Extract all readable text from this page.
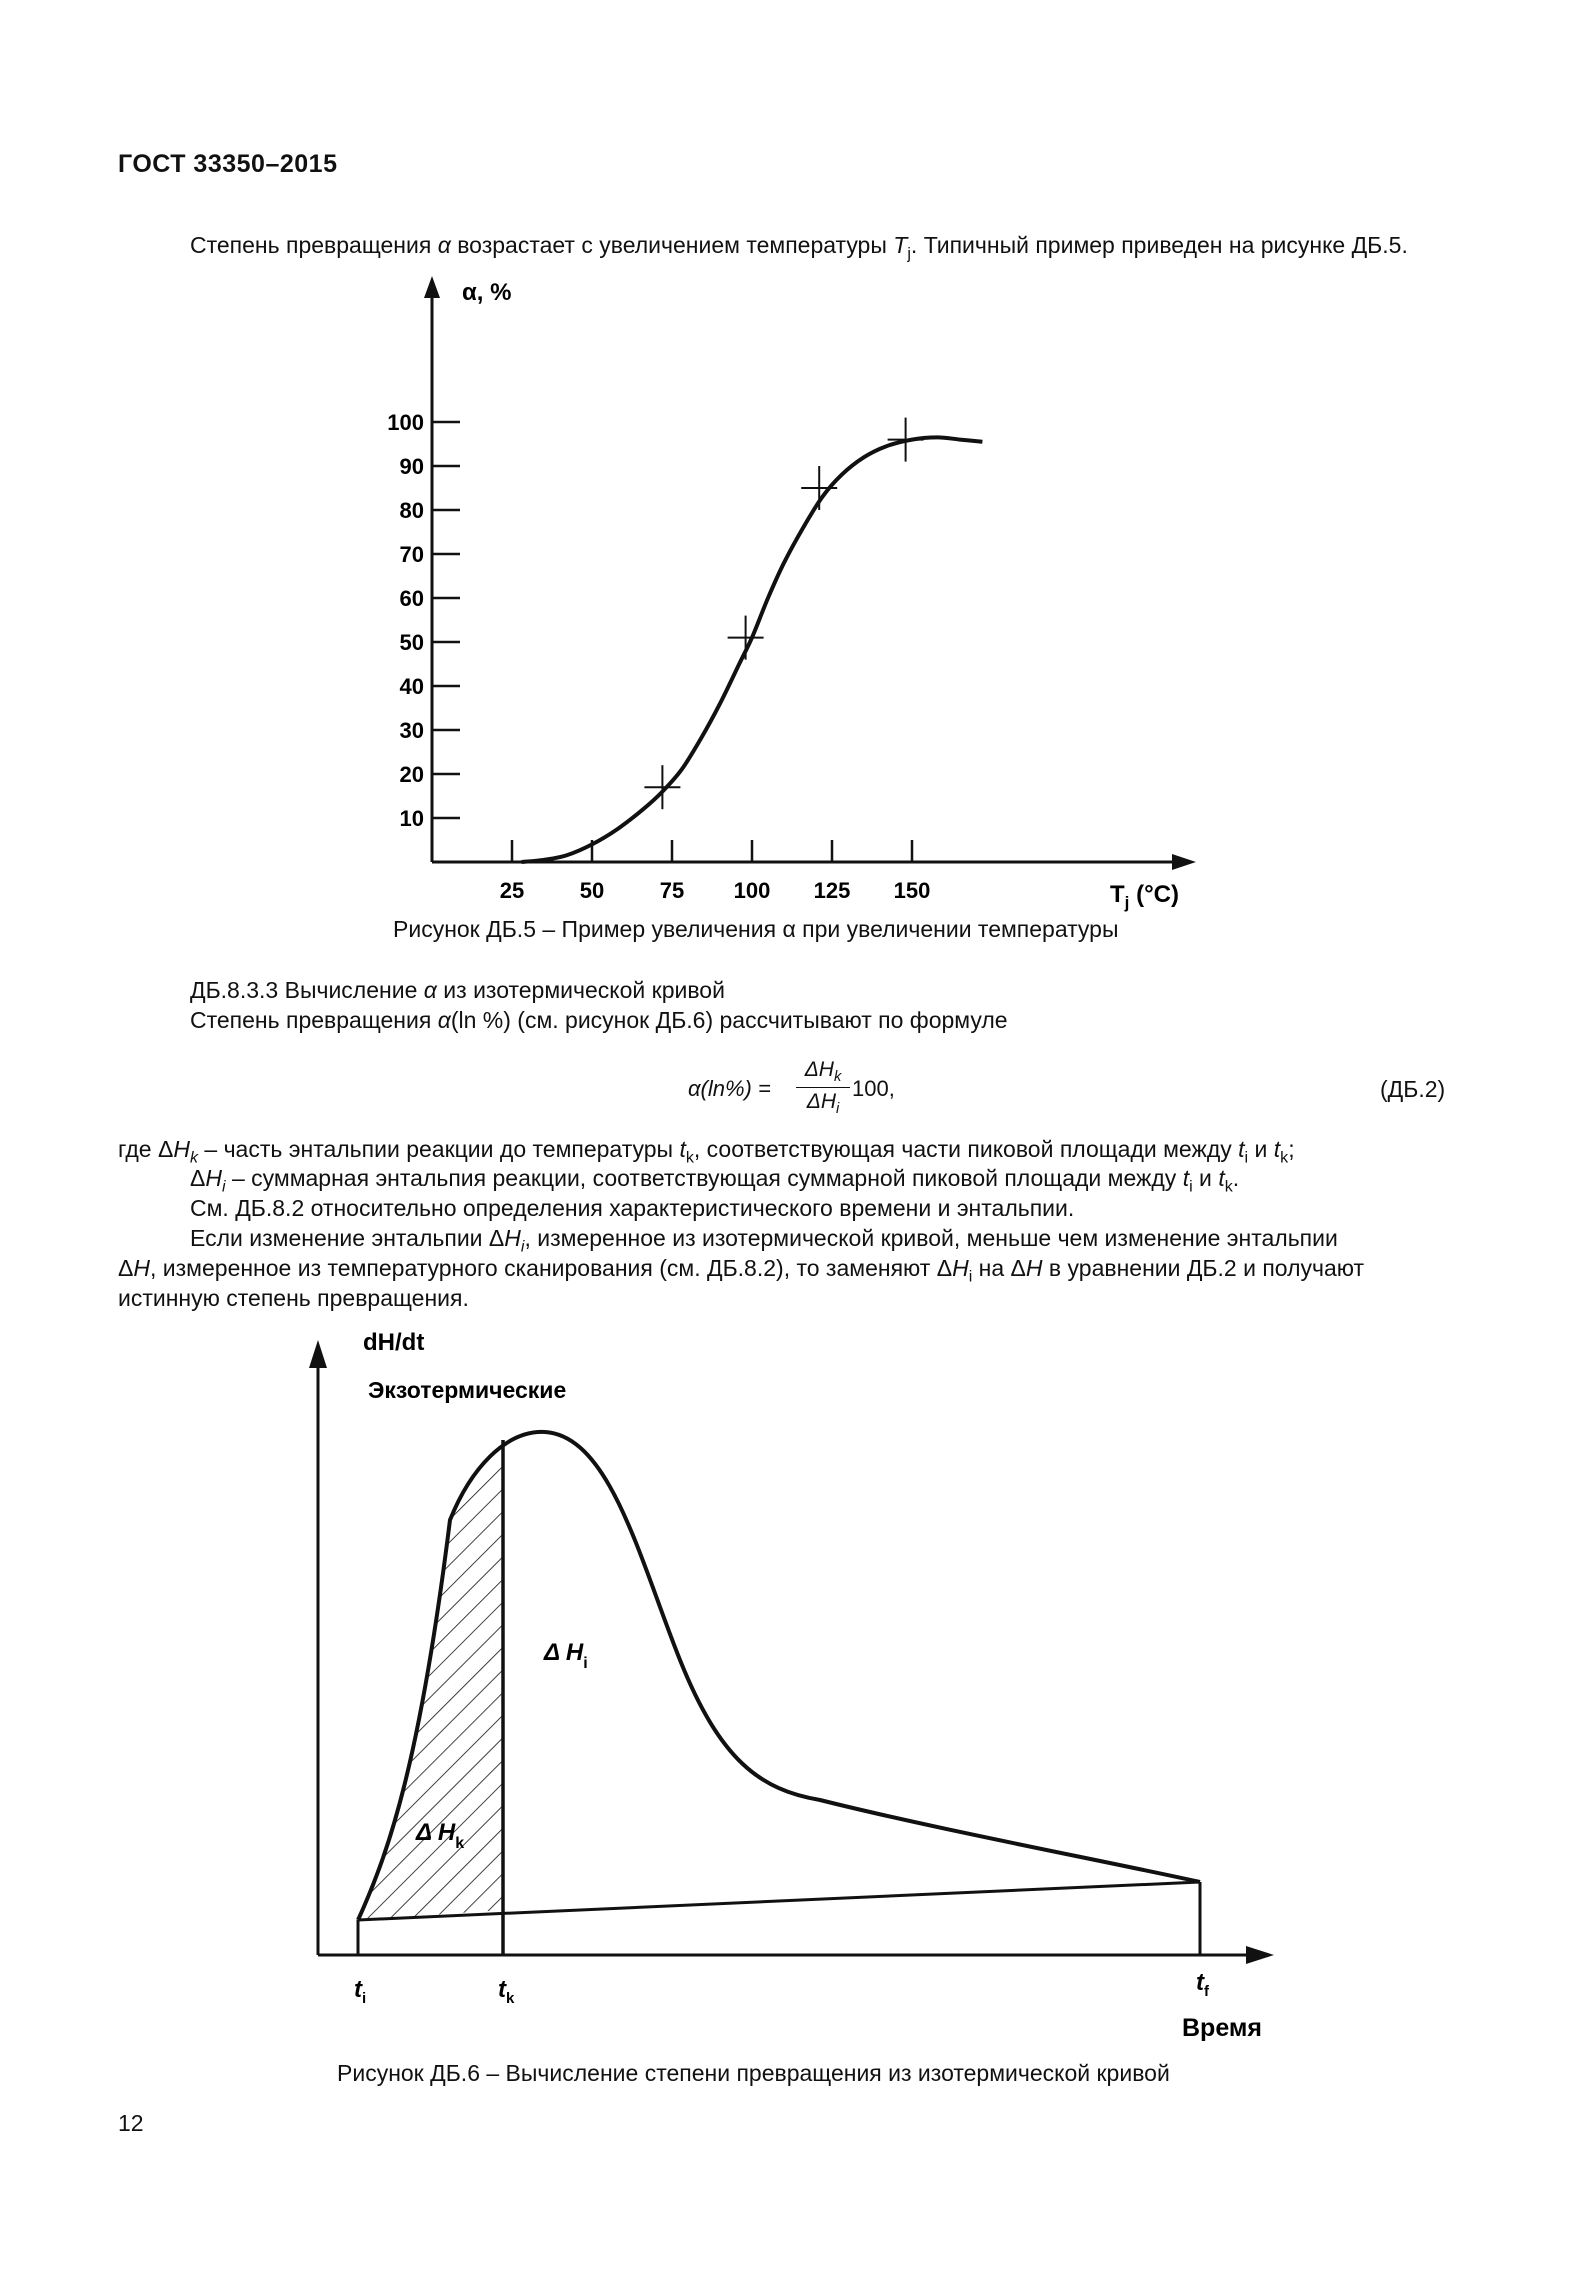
ГОСТ 33350–2015
Степень превращения α возрастает с увеличением температуры $T_j$. Типичный пример приведен на рисунке ДБ.5.
10
20
30
40
50
60
70
80
90
100
25	50	75 100 125 150
α, %
$T_j$ (°C)
dH/dt
Экзотермические
Δ $H_k$
Δ $H_i$
$t_i$	$t_k$
$t_f$
Время
Рисунок ДБ.5 – Пример увеличения α при увеличении температуры
ДБ.8.3.3 Вычисление α из изотермической кривой
Степень превращения α(ln %) (см. рисунок ДБ.6) рассчитывают по формуле
α(ln%) =
$\Delta H_k$
$\Delta H_i$
100,	(ДБ.2)
где $\Delta H_k$ – часть энтальпии реакции до температуры $t_k$, соответствующая части пиковой площади между $t_i$ и $t_k$;
$\Delta H_i$ – суммарная энтальпия реакции, соответствующая суммарной пиковой площади между $t_i$ и $t_k$.
См. ДБ.8.2 относительно определения характеристического времени и энтальпии.
Если изменение энтальпии $\Delta H_i$, измеренное из изотермической кривой, меньше чем изменение энтальпии
ΔH, измеренное из температурного сканирования (см. ДБ.8.2), то заменяют $\Delta H_i$ на ΔH в уравнении ДБ.2 и получают
истинную степень превращения.
Рисунок ДБ.6 – Вычисление степени превращения из изотермической кривой
12
